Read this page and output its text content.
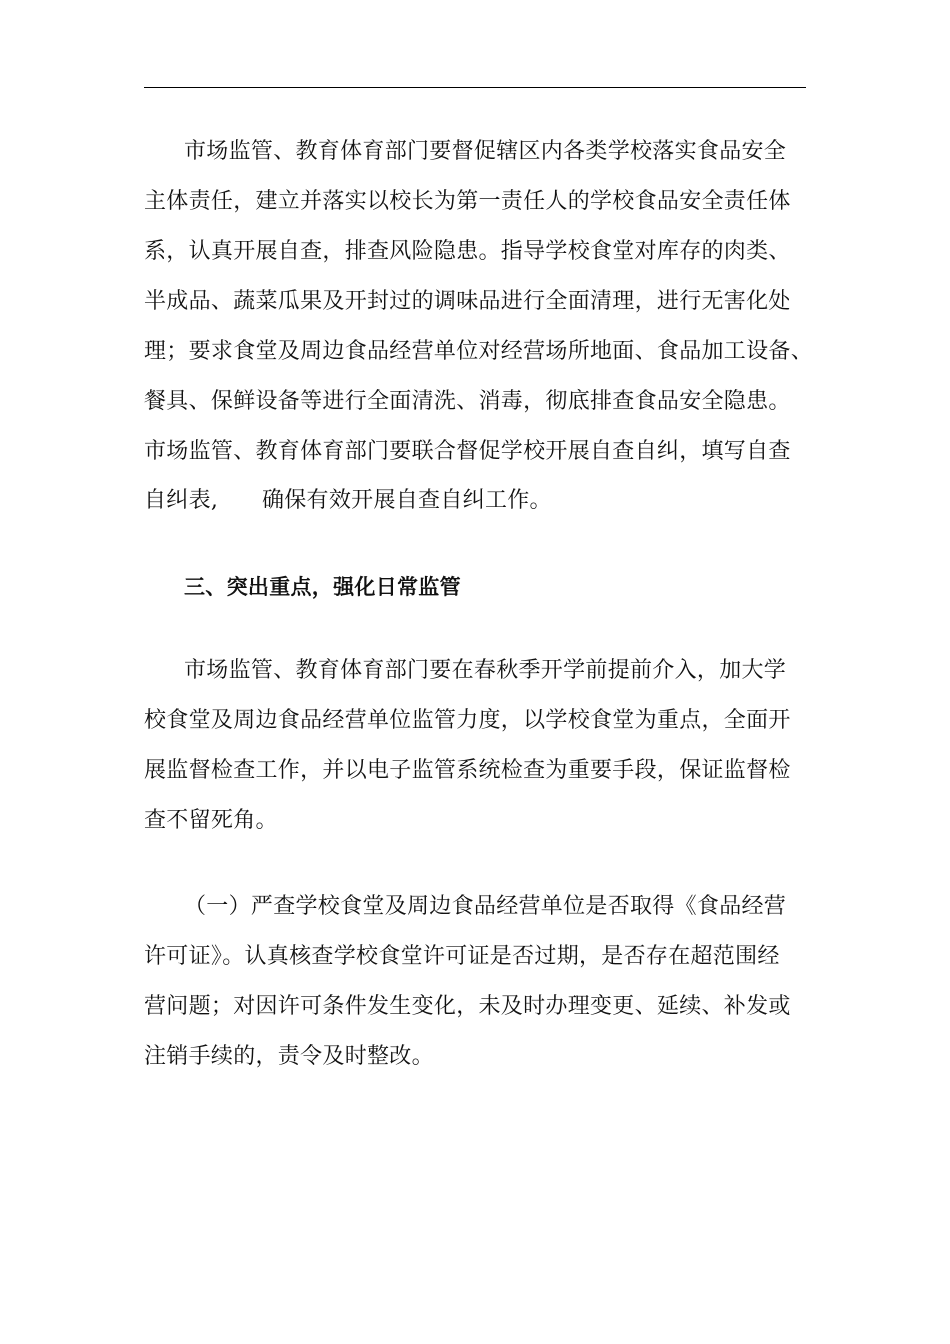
市场监管、教育体育部门要督促辖区内各类学校落实食品安全
主体责任，建立并落实以校长为第一责任人的学校食品安全责任体
系，认真开展自查，排查风险隐患。指导学校食堂对库存的肉类、
半成品、蔬菜瓜果及开封过的调味品进行全面清理，进行无害化处
理；要求食堂及周边食品经营单位对经营场所地面、食品加工设备、
餐具、保鲜设备等进行全面清洗、消毒，彻底排查食品安全隐患。
市场监管、教育体育部门要联合督促学校开展自查自纠，填写自查
自纠表,      确保有效开展自查自纠工作。
三、突出重点，强化日常监管
市场监管、教育体育部门要在春秋季开学前提前介入，加大学
校食堂及周边食品经营单位监管力度，以学校食堂为重点，全面开
展监督检查工作，并以电子监管系统检查为重要手段，保证监督检
查不留死角。
（一）严查学校食堂及周边食品经营单位是否取得《食品经营
许可证》。认真核查学校食堂许可证是否过期，是否存在超范围经
营问题；对因许可条件发生变化，未及时办理变更、延续、补发或
注销手续的，责令及时整改。
